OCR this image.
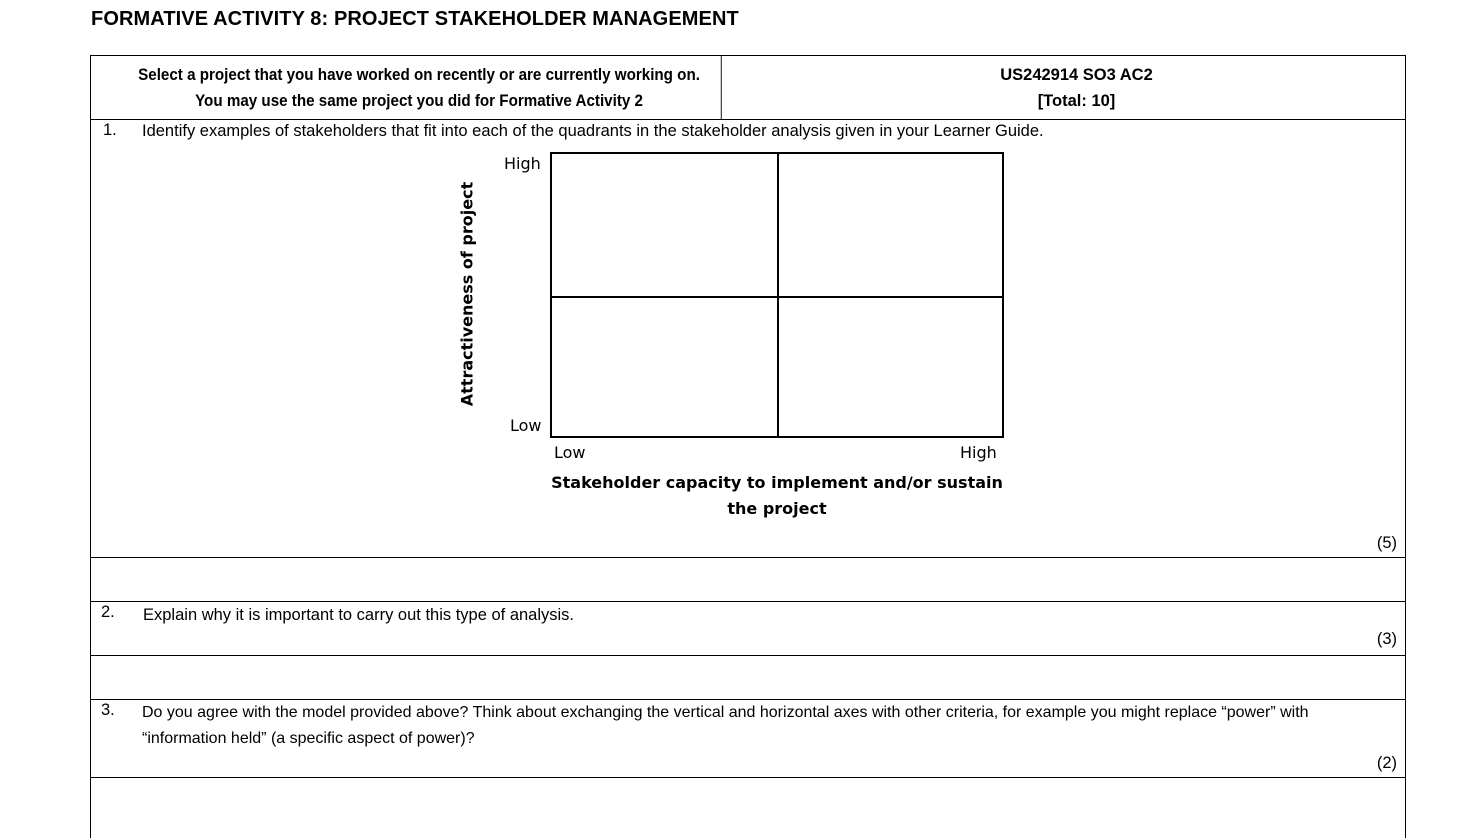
FORMATIVE ACTIVITY 8: PROJECT STAKEHOLDER MANAGEMENT
Select a project that you have worked on recently or are currently working on.
You may use the same project you did for Formative Activity 2
US242914 SO3 AC2
[Total: 10]
1. Identify examples of stakeholders that fit into each of the quadrants in the stakeholder analysis given in your Learner Guide.
Attractiveness of project
High
Low
Low	High
Stakeholder capacity to implement and/or sustain the project
(5)
2. Explain why it is important to carry out this type of analysis.
(3)
3. Do you agree with the model provided above? Think about exchanging the vertical and horizontal axes with other criteria, for example you might replace “power” with “information held” (a specific aspect of power)?
(2)
